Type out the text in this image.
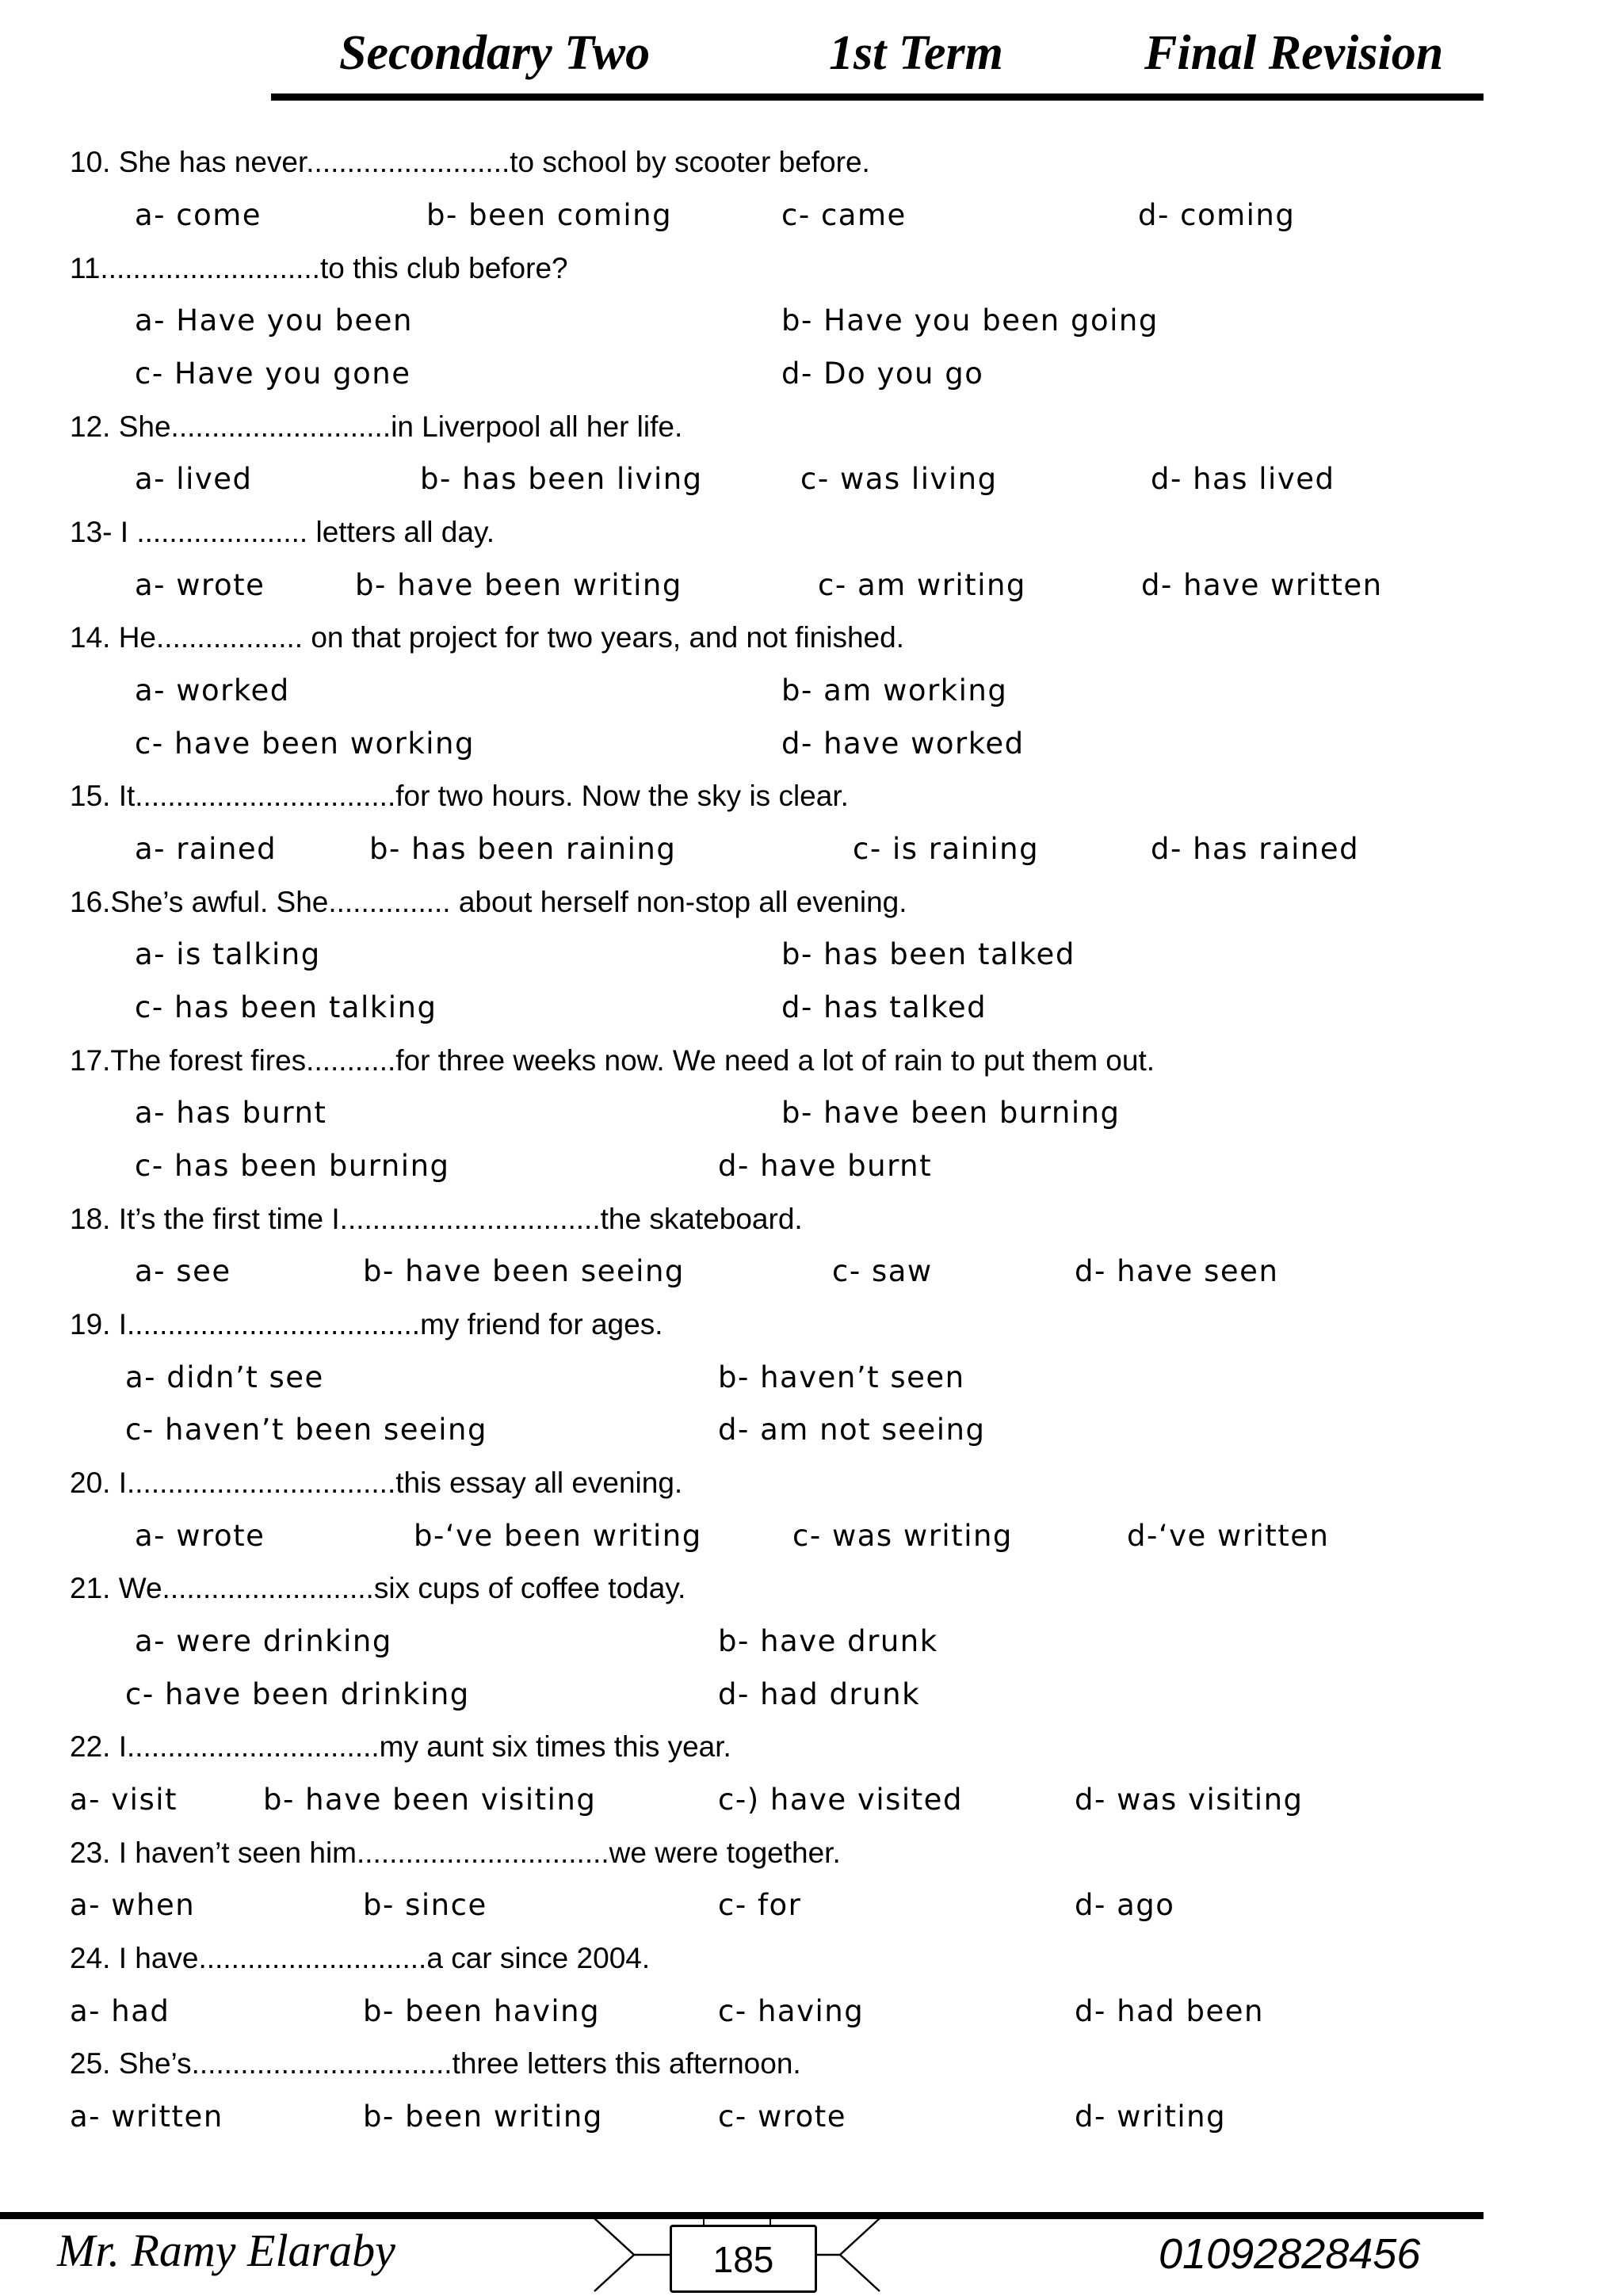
Secondary Two	1st Term	Final Revision
10. She has never.........................to school by scooter before.
a- come	b- been coming	c- came	d- coming
11...........................to this club before?
a- Have you been	b- Have you been going
c- Have you gone	d- Do you go
12. She...........................in Liverpool all her life.
a- lived	b- has been living	c- was living	d- has lived
13- I ..................... letters all day.
a- wrote	b- have been writing	c- am writing	d- have written
14. He.................. on that project for two years, and not finished.
a- worked	b- am working
c- have been working	d- have worked
15. It................................for two hours. Now the sky is clear.
a- rained	b- has been raining	c- is raining	d- has rained
16.She’s awful. She............... about herself non-stop all evening.
a- is talking	b- has been talked
c- has been talking	d- has talked
17.The forest fires...........for three weeks now. We need a lot of rain to put them out.
a- has burnt	b- have been burning
c- has been burning	d- have burnt
18. It’s the first time I................................the skateboard.
a- see	b- have been seeing	c- saw	d- have seen
19. I....................................my friend for ages.
a- didn’t see	b- haven’t seen
c- haven’t been seeing	d- am not seeing
20. I.................................this essay all evening.
a- wrote	b-‘ve been writing	c- was writing	d-‘ve written
21. We..........................six cups of coffee today.
a- were drinking	b- have drunk
c- have been drinking	d- had drunk
22. I...............................my aunt six times this year.
a- visit	b- have been visiting	c-) have visited	d- was visiting
23. I haven’t seen him...............................we were together.
a- when	b- since	c- for	d- ago
24. I have............................a car since 2004.
a- had	b- been having	c- having	d- had been
25. She’s................................three letters this afternoon.
a- written	b- been writing	c- wrote	d- writing
Mr. Ramy Elaraby	185	01092828456
